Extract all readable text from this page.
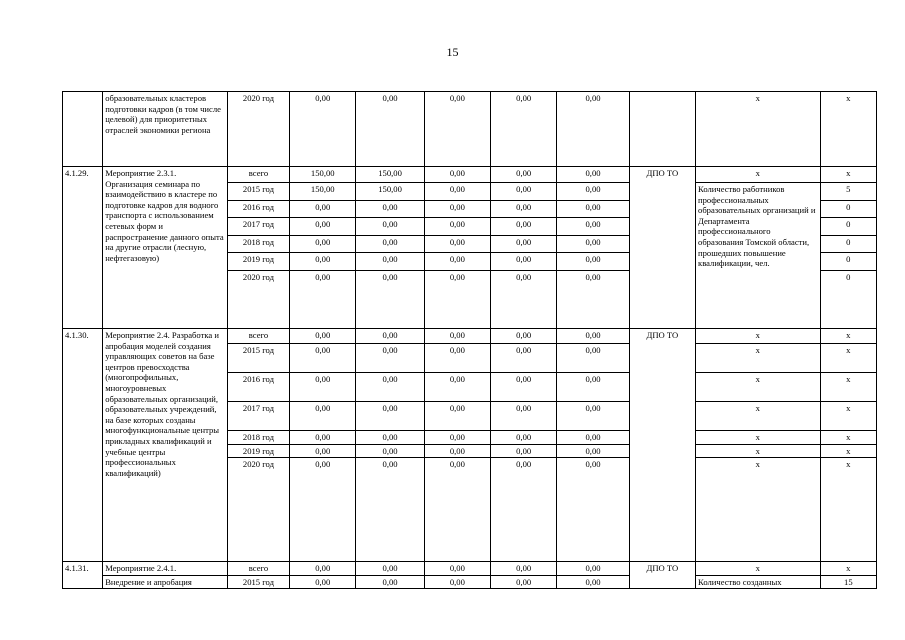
15
	образовательных кластеров подготовки кадров (в том числе целевой) для приоритетных отраслей экономики региона	2020 год	0,00	0,00	0,00	0,00	0,00		x	x
4.1.29.	Мероприятие 2.3.1. Организация семинара по взаимодействию в кластере по подготовке кадров для водного транспорта с использованием сетевых форм и распространение данного опыта на другие отрасли (лесную, нефтегазовую)	всего	150,00	150,00	0,00	0,00	0,00	ДПО ТО	x	x
		2015 год	150,00	150,00	0,00	0,00	0,00		Количество работников профессиональных образовательных организаций и Департамента профессионального образования Томской области, прошедших повышение квалификации, чел.	5
		2016 год	0,00	0,00	0,00	0,00	0,00			0
		2017 год	0,00	0,00	0,00	0,00	0,00			0
		2018 год	0,00	0,00	0,00	0,00	0,00			0
		2019 год	0,00	0,00	0,00	0,00	0,00			0
		2020 год	0,00	0,00	0,00	0,00	0,00			0
4.1.30.	Мероприятие 2.4. Разработка и апробация моделей создания управляющих советов на базе центров превосходства (многопрофильных, многоуровневых образовательных организаций, образовательных учреждений, на базе которых созданы многофункциональные центры прикладных квалификаций и учебные центры профессиональных квалификаций)	всего	0,00	0,00	0,00	0,00	0,00	ДПО ТО	x	x
		2015 год	0,00	0,00	0,00	0,00	0,00		x	x
		2016 год	0,00	0,00	0,00	0,00	0,00		x	x
		2017 год	0,00	0,00	0,00	0,00	0,00		x	x
		2018 год	0,00	0,00	0,00	0,00	0,00		x	x
		2019 год	0,00	0,00	0,00	0,00	0,00		x	x
		2020 год	0,00	0,00	0,00	0,00	0,00		x	x
4.1.31.	Мероприятие 2.4.1.	всего	0,00	0,00	0,00	0,00	0,00	ДПО ТО	x	x
	Внедрение и апробация	2015 год	0,00	0,00	0,00	0,00	0,00		Количество созданных	15
